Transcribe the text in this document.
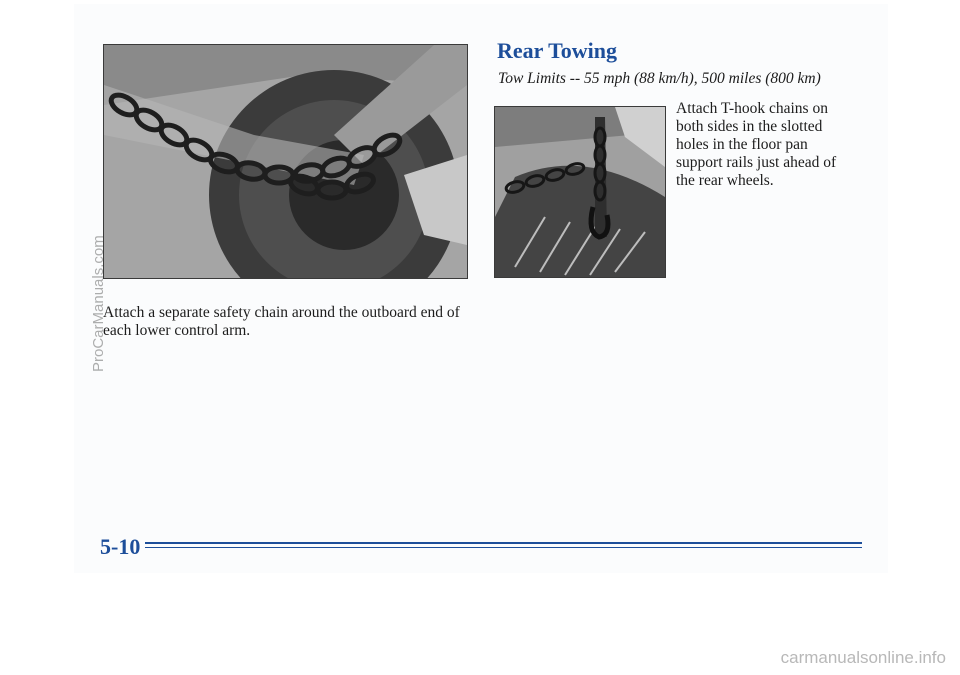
Rear Towing

Tow Limits -- 55 mph (88 km/h), 500 miles (800 km)

Attach T-hook chains on both sides in the slotted holes in the floor pan support rails just ahead of the rear wheels.

Attach a separate safety chain around the outboard end of each lower control arm.

5-10
ProCarManuals.com
carmanualsonline.info
